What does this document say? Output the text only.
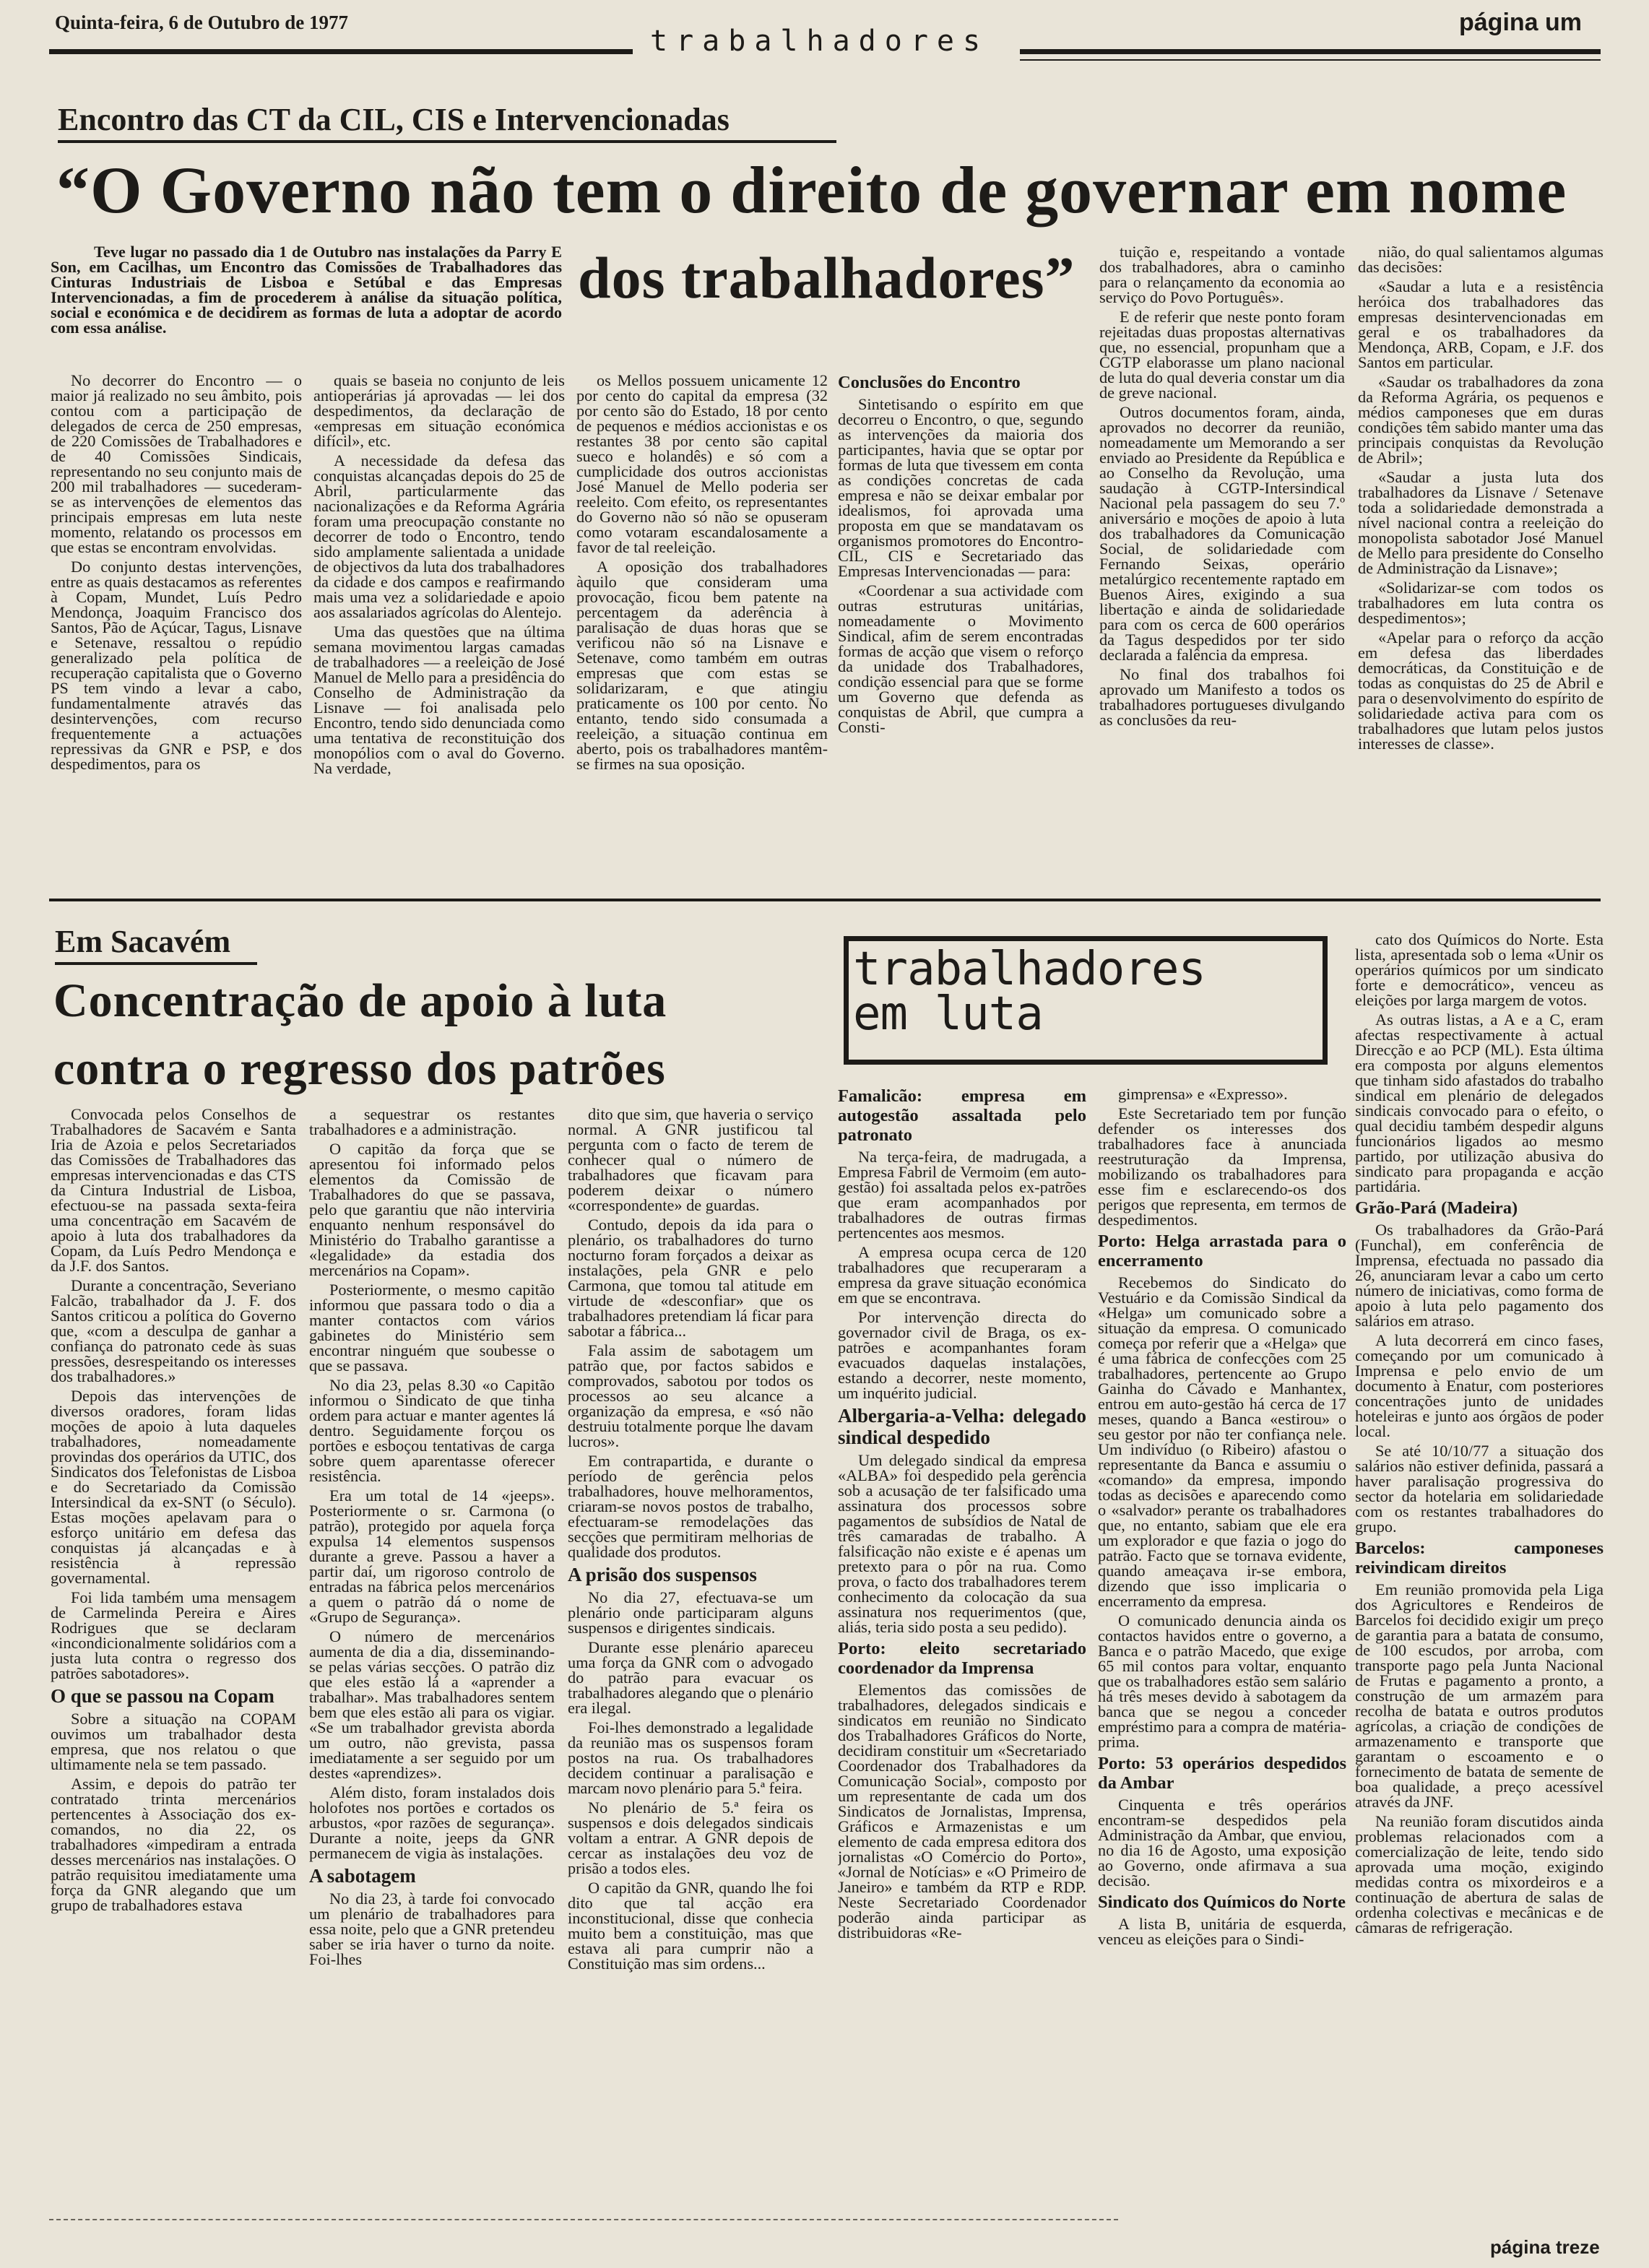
Quinta-feira, 6 de Outubro de 1977
trabalhadores
página um
Encontro das CT da CIL, CIS e Intervencionadas
“O Governo não tem o direito de governar em nome
dos trabalhadores”
Teve lugar no passado dia 1 de Outubro nas instalações da Parry E Son, em Cacilhas, um Encontro das Comissões de Trabalhadores das Cinturas Industriais de Lisboa e Setúbal e das Empresas Intervencionadas, a fim de procederem à análise da situação política, social e económica e de decidirem as formas de luta a adoptar de acordo com essa análise.

No decorrer do Encontro — o maior já realizado no seu âmbito, pois contou com a participação de delegados de cerca de 250 empresas, de 220 Comissões de Trabalhadores e de 40 Comissões Sindicais, representando no seu conjunto mais de 200 mil trabalhadores — sucederam-se as intervenções de elementos das principais empresas em luta neste momento, relatando os processos em que estas se encontram envolvidas.

Do conjunto destas intervenções, entre as quais destacamos as referentes à Copam, Mundet, Luís Pedro Mendonça, Joaquim Francisco dos Santos, Pão de Açúcar, Tagus, Lisnave e Setenave, ressaltou o repúdio generalizado pela política de recuperação capitalista que o Governo PS tem vindo a levar a cabo, fundamentalmente através das desintervenções, com recurso frequentemente a actuações repressivas da GNR e PSP, e dos despedimentos, para os

quais se baseia no conjunto de leis antioperárias já aprovadas — lei dos despedimentos, da declaração de «empresas em situação económica difícil», etc.

A necessidade da defesa das conquistas alcançadas depois do 25 de Abril, particularmente das nacionalizações e da Reforma Agrária foram uma preocupação constante no decorrer de todo o Encontro, tendo sido amplamente salientada a unidade de objectivos da luta dos trabalhadores da cidade e dos campos e reafirmando mais uma vez a solidariedade e apoio aos assalariados agrícolas do Alentejo.

Uma das questões que na última semana movimentou largas camadas de trabalhadores — a reeleição de José Manuel de Mello para a presidência do Conselho de Administração da Lisnave — foi analisada pelo Encontro, tendo sido denunciada como uma tentativa de reconstituição dos monopólios com o aval do Governo. Na verdade,

os Mellos possuem unicamente 12 por cento do capital da empresa (32 por cento são do Estado, 18 por cento de pequenos e médios accionistas e os restantes 38 por cento são capital sueco e holandês) e só com a cumplicidade dos outros accionistas José Manuel de Mello poderia ser reeleito. Com efeito, os representantes do Governo não só não se opuseram como votaram escandalosamente a favor de tal reeleição.

A oposição dos trabalhadores àquilo que consideram uma provocação, ficou bem patente na percentagem da aderência à paralisação de duas horas que se verificou não só na Lisnave e Setenave, como também em outras empresas que com estas se solidarizaram, e que atingiu praticamente os 100 por cento. No entanto, tendo sido consumada a reeleição, a situação continua em aberto, pois os trabalhadores mantêm-se firmes na sua oposição.

Conclusões do Encontro

Sintetisando o espírito em que decorreu o Encontro, o que, segundo as intervenções da maioria dos participantes, havia que se optar por formas de luta que tivessem em conta as condições concretas de cada empresa e não se deixar embalar por idealismos, foi aprovada uma proposta em que se mandatavam os organismos promotores do Encontro-CIL, CIS e Secretariado das Empresas Intervencionadas — para:

«Coordenar a sua actividade com outras estruturas unitárias, nomeadamente o Movimento Sindical, afim de serem encontradas formas de acção que visem o reforço da unidade dos Trabalhadores, condição essencial para que se forme um Governo que defenda as conquistas de Abril, que cumpra a Consti-

tuição e, respeitando a vontade dos trabalhadores, abra o caminho para o relançamento da economia ao serviço do Povo Português».

E de referir que neste ponto foram rejeitadas duas propostas alternativas que, no essencial, propunham que a CGTP elaborasse um plano nacional de luta do qual deveria constar um dia de greve nacional.

Outros documentos foram, ainda, aprovados no decorrer da reunião, nomeadamente um Memorando a ser enviado ao Presidente da República e ao Conselho da Revolução, uma saudação à CGTP-Intersindical Nacional pela passagem do seu 7.º aniversário e moções de apoio à luta dos trabalhadores da Comunicação Social, de solidariedade com Fernando Seixas, operário metalúrgico recentemente raptado em Buenos Aires, exigindo a sua libertação e ainda de solidariedade para com os cerca de 600 operários da Tagus despedidos por ter sido declarada a falência da empresa.

No final dos trabalhos foi aprovado um Manifesto a todos os trabalhadores portugueses divulgando as conclusões da reu-

nião, do qual salientamos algumas das decisões:

«Saudar a luta e a resistência heróica dos trabalhadores das empresas desintervencionadas em geral e os trabalhadores da Mendonça, ARB, Copam, e J.F. dos Santos em particular.

«Saudar os trabalhadores da zona da Reforma Agrária, os pequenos e médios camponeses que em duras condições têm sabido manter uma das principais conquistas da Revolução de Abril»;

«Saudar a justa luta dos trabalhadores da Lisnave / Setenave toda a solidariedade demonstrada a nível nacional contra a reeleição do monopolista sabotador José Manuel de Mello para presidente do Conselho de Administração da Lisnave»;

«Solidarizar-se com todos os trabalhadores em luta contra os despedimentos»;

«Apelar para o reforço da acção em defesa das liberdades democráticas, da Constituição e de todas as conquistas do 25 de Abril e para o desenvolvimento do espírito de solidariedade activa para com os trabalhadores que lutam pelos justos interesses de classe».

Em Sacavém
Concentração de apoio à luta
contra o regresso dos patrões

Convocada pelos Conselhos de Trabalhadores de Sacavém e Santa Iria de Azoia e pelos Secretariados das Comissões de Trabalhadores das empresas intervencionadas e das CTS da Cintura Industrial de Lisboa, efectuou-se na passada sexta-feira uma concentração em Sacavém de apoio à luta dos trabalhadores da Copam, da Luís Pedro Mendonça e da J.F. dos Santos.

Durante a concentração, Severiano Falcão, trabalhador da J. F. dos Santos criticou a política do Governo que, «com a desculpa de ganhar a confiança do patronato cede às suas pressões, desrespeitando os interesses dos trabalhadores.»

Depois das intervenções de diversos oradores, foram lidas moções de apoio à luta daqueles trabalhadores, nomeadamente provindas dos operários da UTIC, dos Sindicatos dos Telefonistas de Lisboa e do Secretariado da Comissão Intersindical da ex-SNT (o Século). Estas moções apelavam para o esforço unitário em defesa das conquistas já alcançadas e à resistência à repressão governamental.

Foi lida também uma mensagem de Carmelinda Pereira e Aires Rodrigues que se declaram «incondicionalmente solidários com a justa luta contra o regresso dos patrões sabotadores».

O que se passou na Copam

Sobre a situação na COPAM ouvimos um trabalhador desta empresa, que nos relatou o que ultimamente nela se tem passado.

Assim, e depois do patrão ter contratado trinta mercenários pertencentes à Associação dos ex-comandos, no dia 22, os trabalhadores «impediram a entrada desses mercenários nas instalações. O patrão requisitou imediatamente uma força da GNR alegando que um grupo de trabalhadores estava

a sequestrar os restantes trabalhadores e a administração.

O capitão da força que se apresentou foi informado pelos elementos da Comissão de Trabalhadores do que se passava, pelo que garantiu que não interviria enquanto nenhum responsável do Ministério do Trabalho garantisse a «legalidade» da estadia dos mercenários na Copam».

Posteriormente, o mesmo capitão informou que passara todo o dia a manter contactos com vários gabinetes do Ministério sem encontrar ninguém que soubesse o que se passava.

No dia 23, pelas 8.30 «o Capitão informou o Sindicato de que tinha ordem para actuar e manter agentes lá dentro. Seguidamente forçou os portões e esboçou tentativas de carga sobre quem aparentasse oferecer resistência.

Era um total de 14 «jeeps». Posteriormente o sr. Carmona (o patrão), protegido por aquela força expulsa 14 elementos suspensos durante a greve. Passou a haver a partir daí, um rigoroso controlo de entradas na fábrica pelos mercenários a quem o patrão dá o nome de «Grupo de Segurança».

O número de mercenários aumenta de dia a dia, disseminando-se pelas várias secções. O patrão diz que eles estão lá a «aprender a trabalhar». Mas trabalhadores sentem bem que eles estão ali para os vigiar. «Se um trabalhador grevista aborda um outro, não grevista, passa imediatamente a ser seguido por um destes «aprendizes».

Além disto, foram instalados dois holofotes nos portões e cortados os arbustos, «por razões de segurança». Durante a noite, jeeps da GNR permanecem de vigia às instalações.

A sabotagem

No dia 23, à tarde foi convocado um plenário de trabalhadores para essa noite, pelo que a GNR pretendeu saber se iria haver o turno da noite. Foi-lhes

dito que sim, que haveria o serviço normal. A GNR justificou tal pergunta com o facto de terem de conhecer qual o número de trabalhadores que ficavam para poderem deixar o número «correspondente» de guardas.

Contudo, depois da ida para o plenário, os trabalhadores do turno nocturno foram forçados a deixar as instalações, pela GNR e pelo Carmona, que tomou tal atitude em virtude de «desconfiar» que os trabalhadores pretendiam lá ficar para sabotar a fábrica...

Fala assim de sabotagem um patrão que, por factos sabidos e comprovados, sabotou por todos os processos ao seu alcance a organização da empresa, e «só não destruiu totalmente porque lhe davam lucros».

Em contrapartida, e durante o período de gerência pelos trabalhadores, houve melhoramentos, criaram-se novos postos de trabalho, efectuaram-se remodelações das secções que permitiram melhorias de qualidade dos produtos.

A prisão dos suspensos

No dia 27, efectuava-se um plenário onde participaram alguns suspensos e dirigentes sindicais.

Durante esse plenário apareceu uma força da GNR com o advogado do patrão para evacuar os trabalhadores alegando que o plenário era ilegal.

Foi-lhes demonstrado a legalidade da reunião mas os suspensos foram postos na rua. Os trabalhadores decidem continuar a paralisação e marcam novo plenário para 5.ª feira.

No plenário de 5.ª feira os suspensos e dois delegados sindicais voltam a entrar. A GNR depois de cercar as instalações deu voz de prisão a todos eles.

O capitão da GNR, quando lhe foi dito que tal acção era inconstitucional, disse que conhecia muito bem a constituição, mas que estava ali para cumprir não a Constituição mas sim ordens...

trabalhadores
em luta

Famalicão: empresa em autogestão assaltada pelo patronato

Na terça-feira, de madrugada, a Empresa Fabril de Vermoim (em auto-gestão) foi assaltada pelos ex-patrões que eram acompanhados por trabalhadores de outras firmas pertencentes aos mesmos.

A empresa ocupa cerca de 120 trabalhadores que recuperaram a empresa da grave situação económica em que se encontrava.

Por intervenção directa do governador civil de Braga, os ex-patrões e acompanhantes foram evacuados daquelas instalações, estando a decorrer, neste momento, um inquérito judicial.

Albergaria-a-Velha: delegado sindical despedido

Um delegado sindical da empresa «ALBA» foi despedido pela gerência sob a acusação de ter falsificado uma assinatura dos processos sobre pagamentos de subsídios de Natal de três camaradas de trabalho. A falsificação não existe e é apenas um pretexto para o pôr na rua. Como prova, o facto dos trabalhadores terem conhecimento da colocação da sua assinatura nos requerimentos (que, aliás, teria sido posta a seu pedido).

Porto: eleito secretariado coordenador da Imprensa

Elementos das comissões de trabalhadores, delegados sindicais e sindicatos em reunião no Sindicato dos Trabalhadores Gráficos do Norte, decidiram constituir um «Secretariado Coordenador dos Trabalhadores da Comunicação Social», composto por um representante de cada um dos Sindicatos de Jornalistas, Imprensa, Gráficos e Armazenistas e um elemento de cada empresa editora dos jornalistas «O Comércio do Porto», «Jornal de Notícias» e «O Primeiro de Janeiro» e também da RTP e RDP. Neste Secretariado Coordenador poderão ainda participar as distribuidoras «Re-

gimprensa» e «Expresso».

Este Secretariado tem por função defender os interesses dos trabalhadores face à anunciada reestruturação da Imprensa, mobilizando os trabalhadores para esse fim e esclarecendo-os dos perigos que representa, em termos de despedimentos.

Porto: Helga arrastada para o encerramento

Recebemos do Sindicato do Vestuário e da Comissão Sindical da «Helga» um comunicado sobre a situação da empresa. O comunicado começa por referir que a «Helga» que é uma fábrica de confecções com 25 trabalhadores, pertencente ao Grupo Gainha do Cávado e Manhantex, entrou em auto-gestão há cerca de 17 meses, quando a Banca «estirou» o seu gestor por não ter confiança nele. Um indivíduo (o Ribeiro) afastou o representante da Banca e assumiu o «comando» da empresa, impondo todas as decisões e aparecendo como o «salvador» perante os trabalhadores que, no entanto, sabiam que ele era um explorador e que fazia o jogo do patrão. Facto que se tornava evidente, quando ameaçava ir-se embora, dizendo que isso implicaria o encerramento da empresa.

O comunicado denuncia ainda os contactos havidos entre o governo, a Banca e o patrão Macedo, que exige 65 mil contos para voltar, enquanto que os trabalhadores estão sem salário há três meses devido à sabotagem da banca que se negou a conceder empréstimo para a compra de matéria-prima.

Porto: 53 operários despedidos da Ambar

Cinquenta e três operários encontram-se despedidos pela Administração da Ambar, que enviou, no dia 16 de Agosto, uma exposição ao Governo, onde afirmava a sua decisão.

Sindicato dos Químicos do Norte

A lista B, unitária de esquerda, venceu as eleições para o Sindi-

cato dos Químicos do Norte. Esta lista, apresentada sob o lema «Unir os operários químicos por um sindicato forte e democrático», venceu as eleições por larga margem de votos.

As outras listas, a A e a C, eram afectas respectivamente à actual Direcção e ao PCP (ML). Esta última era composta por alguns elementos que tinham sido afastados do trabalho sindical em plenário de delegados sindicais convocado para o efeito, o qual decidiu também despedir alguns funcionários ligados ao mesmo partido, por utilização abusiva do sindicato para propaganda e acção partidária.

Grão-Pará (Madeira)

Os trabalhadores da Grão-Pará (Funchal), em conferência de Imprensa, efectuada no passado dia 26, anunciaram levar a cabo um certo número de iniciativas, como forma de apoio à luta pelo pagamento dos salários em atraso.

A luta decorrerá em cinco fases, começando por um comunicado à Imprensa e pelo envio de um documento à Enatur, com posteriores concentrações junto de unidades hoteleiras e junto aos órgãos de poder local.

Se até 10/10/77 a situação dos salários não estiver definida, passará a haver paralisação progressiva do sector da hotelaria em solidariedade com os restantes trabalhadores do grupo.

Barcelos: camponeses reivindicam direitos

Em reunião promovida pela Liga dos Agricultores e Rendeiros de Barcelos foi decidido exigir um preço de garantia para a batata de consumo, de 100 escudos, por arroba, com transporte pago pela Junta Nacional de Frutas e pagamento a pronto, a construção de um armazém para recolha de batata e outros produtos agrícolas, a criação de condições de armazenamento e transporte que garantam o escoamento e o fornecimento de batata de semente de boa qualidade, a preço acessível através da JNF.

Na reunião foram discutidos ainda problemas relacionados com a comercialização de leite, tendo sido aprovada uma moção, exigindo medidas contra os mixordeiros e a continuação de abertura de salas de ordenha colectivas e mecânicas e de câmaras de refrigeração.

página treze
